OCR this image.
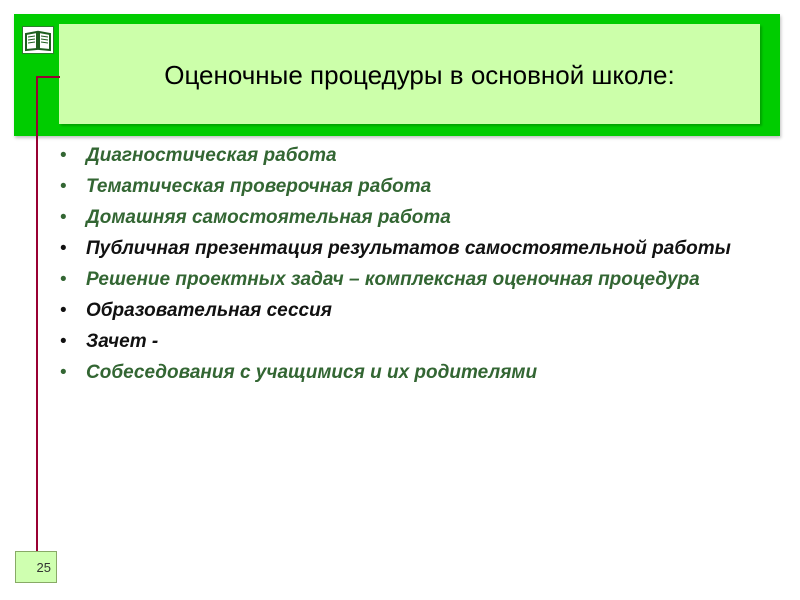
Оценочные процедуры в основной школе:
• Диагностическая работа
• Тематическая проверочная работа
• Домашняя самостоятельная работа
• Публичная презентация результатов самостоятельной работы
• Решение проектных задач – комплексная оценочная процедура
• Образовательная сессия
• Зачет -
• Собеседования с учащимися и их родителями
25
